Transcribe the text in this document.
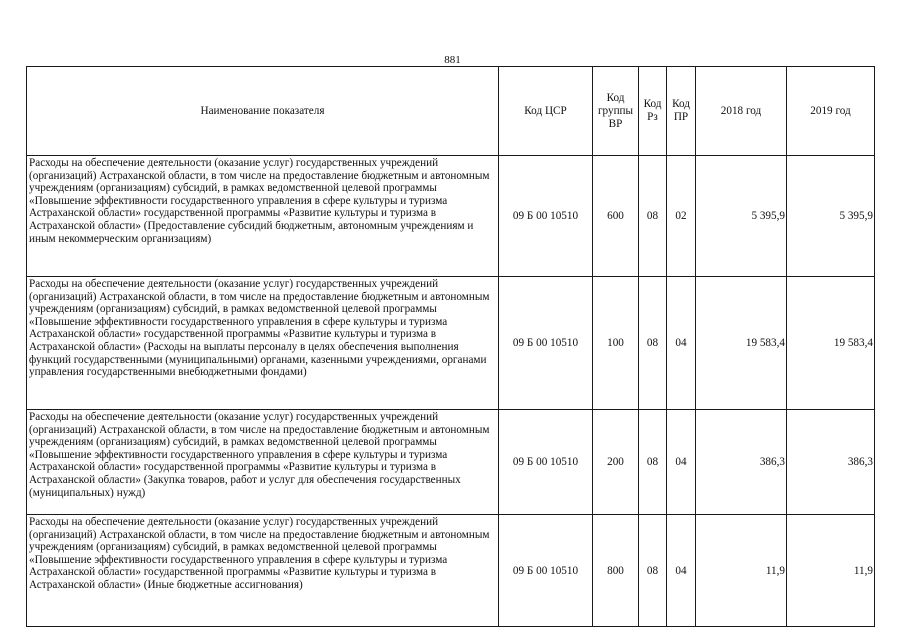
881
Наименование показателя	Код ЦСР	Код группы ВР	Код Рз	Код ПР	2018 год	2019 год
Расходы на обеспечение деятельности (оказание услуг) государственных учреждений (организаций) Астраханской области, в том числе на предоставление бюджетным и автономным учреждениям (организациям) субсидий, в рамках ведомственной целевой программы «Повышение эффективности государственного управления в сфере культуры и туризма Астраханской области» государственной программы «Развитие культуры и туризма в Астраханской области» (Предоставление субсидий бюджетным, автономным учреждениям и иным некоммерческим организациям)	09 Б 00 10510	600	08	02	5 395,9	5 395,9
Расходы на обеспечение деятельности (оказание услуг) государственных учреждений (организаций) Астраханской области, в том числе на предоставление бюджетным и автономным учреждениям (организациям) субсидий, в рамках ведомственной целевой программы «Повышение эффективности государственного управления в сфере культуры и туризма Астраханской области» государственной программы «Развитие культуры и туризма в Астраханской области» (Расходы на выплаты персоналу в целях обеспечения выполнения функций государственными (муниципальными) органами, казенными учреждениями, органами управления государственными внебюджетными фондами)	09 Б 00 10510	100	08	04	19 583,4	19 583,4
Расходы на обеспечение деятельности (оказание услуг) государственных учреждений (организаций) Астраханской области, в том числе на предоставление бюджетным и автономным учреждениям (организациям) субсидий, в рамках ведомственной целевой программы «Повышение эффективности государственного управления в сфере культуры и туризма Астраханской области» государственной программы «Развитие культуры и туризма в Астраханской области» (Закупка товаров, работ и услуг для обеспечения государственных (муниципальных) нужд)	09 Б 00 10510	200	08	04	386,3	386,3
Расходы на обеспечение деятельности (оказание услуг) государственных учреждений (организаций) Астраханской области, в том числе на предоставление бюджетным и автономным учреждениям (организациям) субсидий, в рамках ведомственной целевой программы «Повышение эффективности государственного управления в сфере культуры и туризма Астраханской области» государственной программы «Развитие культуры и туризма в Астраханской области» (Иные бюджетные ассигнования)	09 Б 00 10510	800	08	04	11,9	11,9
